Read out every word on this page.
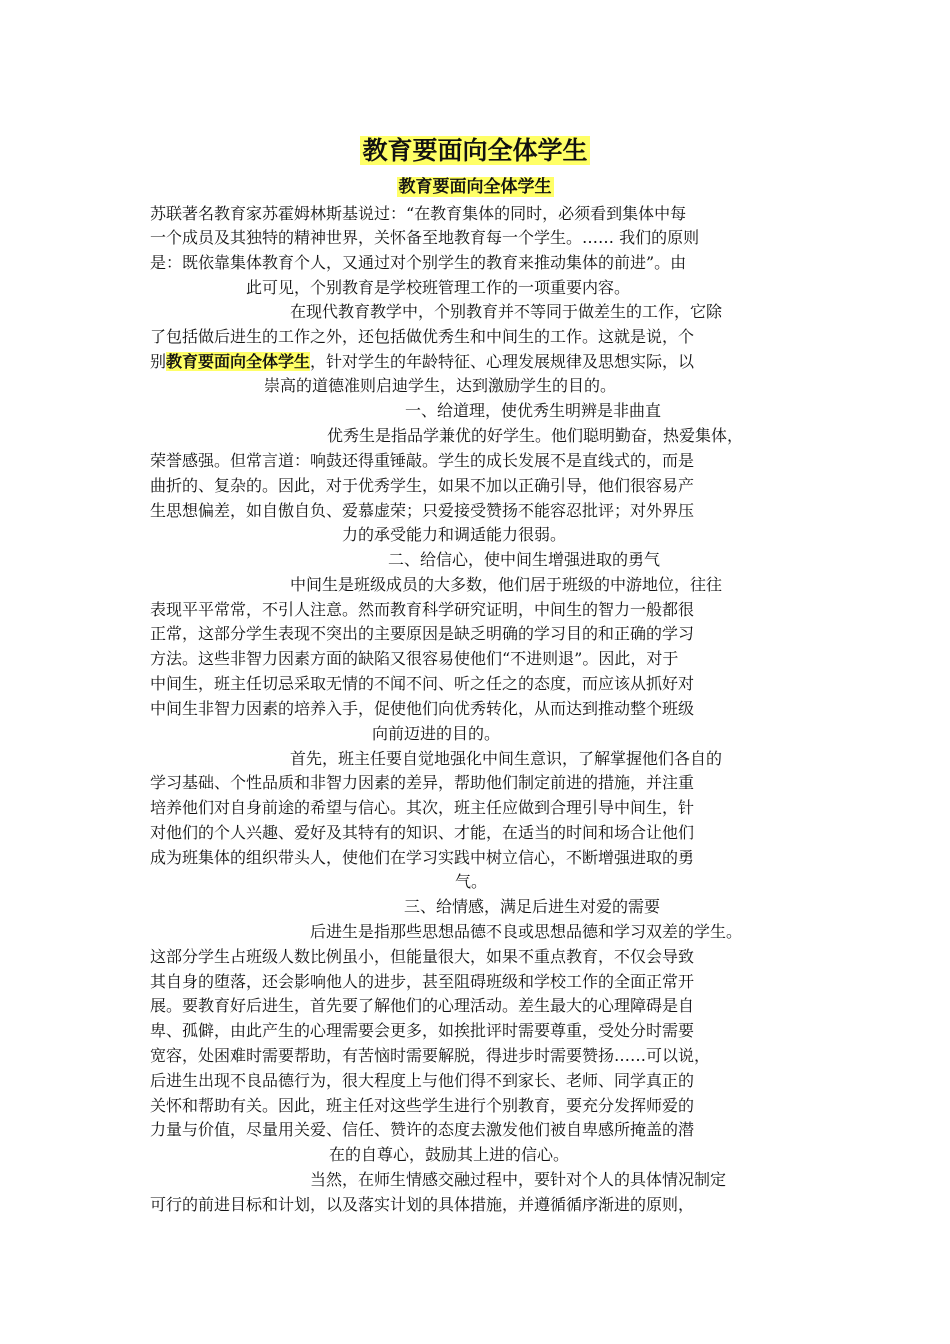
教育要面向全体学生
教育要面向全体学生
苏联著名教育家苏霍姆林斯基说过：“在教育集体的同时，必须看到集体中每
一个成员及其独特的精神世界，关怀备至地教育每一个学生。…… 我们的原则
是：既依靠集体教育个人，又通过对个别学生的教育来推动集体的前进”。由
此可见，个别教育是学校班管理工作的一项重要内容。
在现代教育教学中，个别教育并不等同于做差生的工作，它除
了包括做后进生的工作之外，还包括做优秀生和中间生的工作。这就是说，个
别教育要面向全体学生，针对学生的年龄特征、心理发展规律及思想实际，以
崇高的道德准则启迪学生，达到激励学生的目的。
一、给道理，使优秀生明辨是非曲直
优秀生是指品学兼优的好学生。他们聪明勤奋，热爱集体，
荣誉感强。但常言道：响鼓还得重锤敲。学生的成长发展不是直线式的，而是
曲折的、复杂的。因此，对于优秀学生，如果不加以正确引导，他们很容易产
生思想偏差，如自傲自负、爱慕虚荣；只爱接受赞扬不能容忍批评；对外界压
力的承受能力和调适能力很弱。
二、给信心，使中间生增强进取的勇气
中间生是班级成员的大多数，他们居于班级的中游地位，往往
表现平平常常，不引人注意。然而教育科学研究证明，中间生的智力一般都很
正常，这部分学生表现不突出的主要原因是缺乏明确的学习目的和正确的学习
方法。这些非智力因素方面的缺陷又很容易使他们“不进则退”。因此，对于
中间生，班主任切忌采取无情的不闻不问、听之任之的态度，而应该从抓好对
中间生非智力因素的培养入手，促使他们向优秀转化，从而达到推动整个班级
向前迈进的目的。
首先，班主任要自觉地强化中间生意识，了解掌握他们各自的
学习基础、个性品质和非智力因素的差异，帮助他们制定前进的措施，并注重
培养他们对自身前途的希望与信心。其次，班主任应做到合理引导中间生，针
对他们的个人兴趣、爱好及其特有的知识、才能，在适当的时间和场合让他们
成为班集体的组织带头人，使他们在学习实践中树立信心，不断增强进取的勇
气。
三、给情感，满足后进生对爱的需要
后进生是指那些思想品德不良或思想品德和学习双差的学生。
这部分学生占班级人数比例虽小，但能量很大，如果不重点教育，不仅会导致
其自身的堕落，还会影响他人的进步，甚至阻碍班级和学校工作的全面正常开
展。要教育好后进生，首先要了解他们的心理活动。差生最大的心理障碍是自
卑、孤僻，由此产生的心理需要会更多，如挨批评时需要尊重，受处分时需要
宽容，处困难时需要帮助，有苦恼时需要解脱，得进步时需要赞扬……可以说，
后进生出现不良品德行为，很大程度上与他们得不到家长、老师、同学真正的
关怀和帮助有关。因此，班主任对这些学生进行个别教育，要充分发挥师爱的
力量与价值，尽量用关爱、信任、赞许的态度去激发他们被自卑感所掩盖的潜
在的自尊心，鼓励其上进的信心。
当然，在师生情感交融过程中，要针对个人的具体情况制定
可行的前进目标和计划，以及落实计划的具体措施，并遵循循序渐进的原则，
